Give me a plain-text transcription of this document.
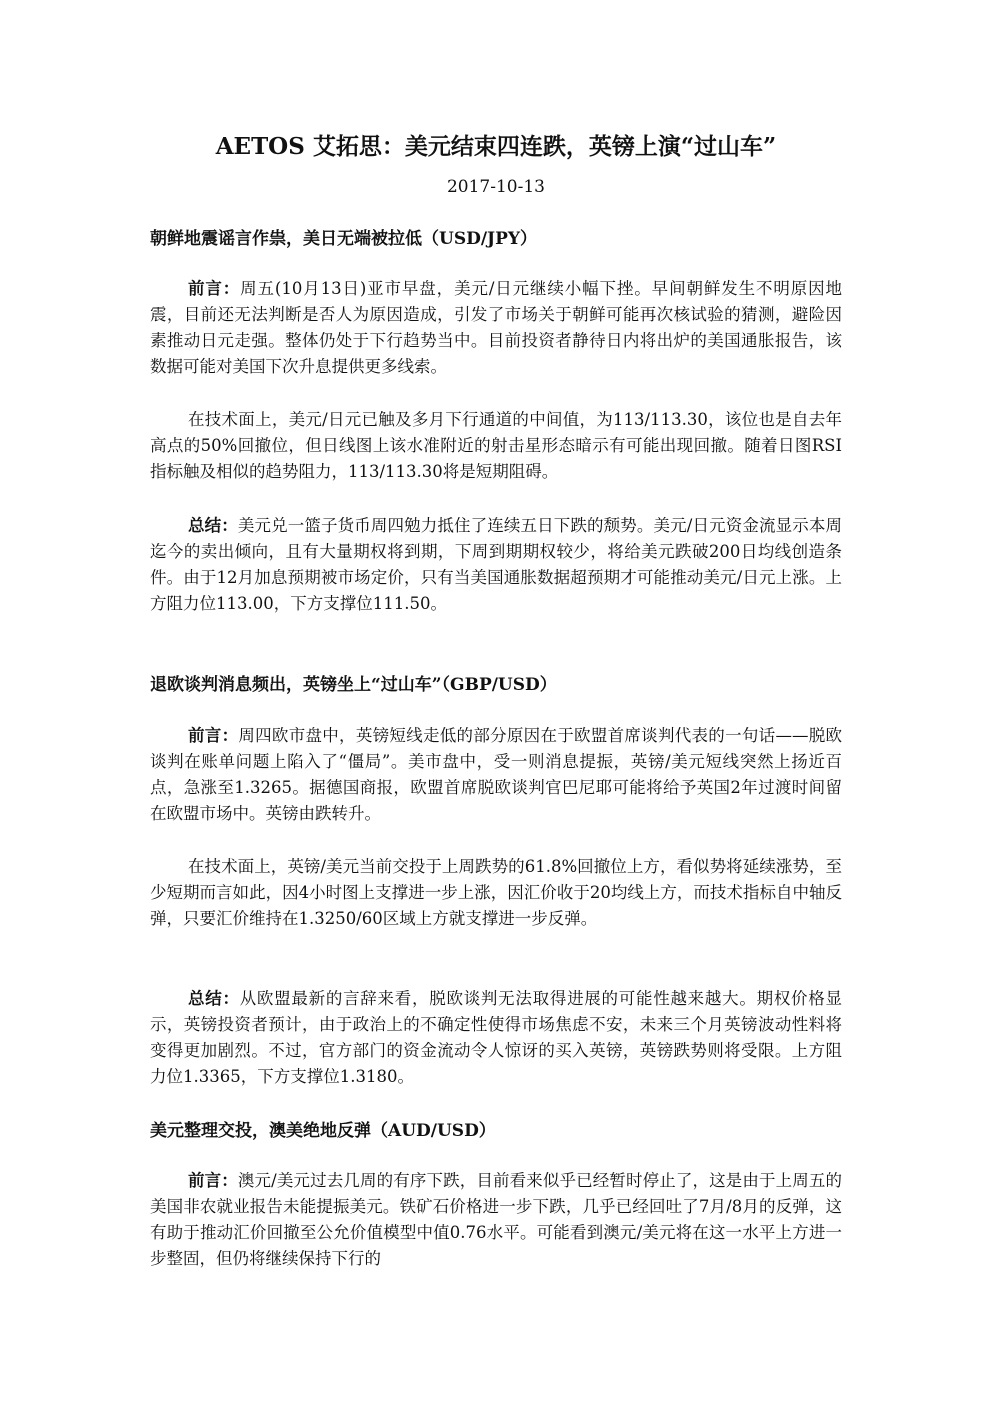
AETOS 艾拓思：美元结束四连跌，英镑上演“过山车”
2017-10-13
朝鲜地震谣言作祟，美日无端被拉低（USD/JPY）

前言：周五(10月13日)亚市早盘，美元/日元继续小幅下挫。早间朝鲜发生不明原因地震，目前还无法判断是否人为原因造成，引发了市场关于朝鲜可能再次核试验的猜测，避险因素推动日元走强。整体仍处于下行趋势当中。目前投资者静待日内将出炉的美国通胀报告，该数据可能对美国下次升息提供更多线索。

在技术面上，美元/日元已触及多月下行通道的中间值，为113/113.30，该位也是自去年高点的50%回撤位，但日线图上该水准附近的射击星形态暗示有可能出现回撤。随着日图RSI指标触及相似的趋势阻力，113/113.30将是短期阻碍。

总结：美元兑一篮子货币周四勉力抵住了连续五日下跌的颓势。美元/日元资金流显示本周迄今的卖出倾向，且有大量期权将到期，下周到期期权较少，将给美元跌破200日均线创造条件。由于12月加息预期被市场定价，只有当美国通胀数据超预期才可能推动美元/日元上涨。上方阻力位113.00，下方支撑位111.50。

退欧谈判消息频出，英镑坐上“过山车”（GBP/USD）

前言：周四欧市盘中，英镑短线走低的部分原因在于欧盟首席谈判代表的一句话——脱欧谈判在账单问题上陷入了“僵局”。美市盘中，受一则消息提振，英镑/美元短线突然上扬近百点，急涨至1.3265。据德国商报，欧盟首席脱欧谈判官巴尼耶可能将给予英国2年过渡时间留在欧盟市场中。英镑由跌转升。

在技术面上，英镑/美元当前交投于上周跌势的61.8%回撤位上方，看似势将延续涨势，至少短期而言如此，因4小时图上支撑进一步上涨，因汇价收于20均线上方，而技术指标自中轴反弹，只要汇价维持在1.3250/60区域上方就支撑进一步反弹。

总结：从欧盟最新的言辞来看，脱欧谈判无法取得进展的可能性越来越大。期权价格显示，英镑投资者预计，由于政治上的不确定性使得市场焦虑不安，未来三个月英镑波动性料将变得更加剧烈。不过，官方部门的资金流动令人惊讶的买入英镑，英镑跌势则将受限。上方阻力位1.3365，下方支撑位1.3180。

美元整理交投，澳美绝地反弹（AUD/USD）

前言：澳元/美元过去几周的有序下跌，目前看来似乎已经暂时停止了，这是由于上周五的美国非农就业报告未能提振美元。铁矿石价格进一步下跌，几乎已经回吐了7月/8月的反弹，这有助于推动汇价回撤至公允价值模型中值0.76水平。可能看到澳元/美元将在这一水平上方进一步整固，但仍将继续保持下行的
